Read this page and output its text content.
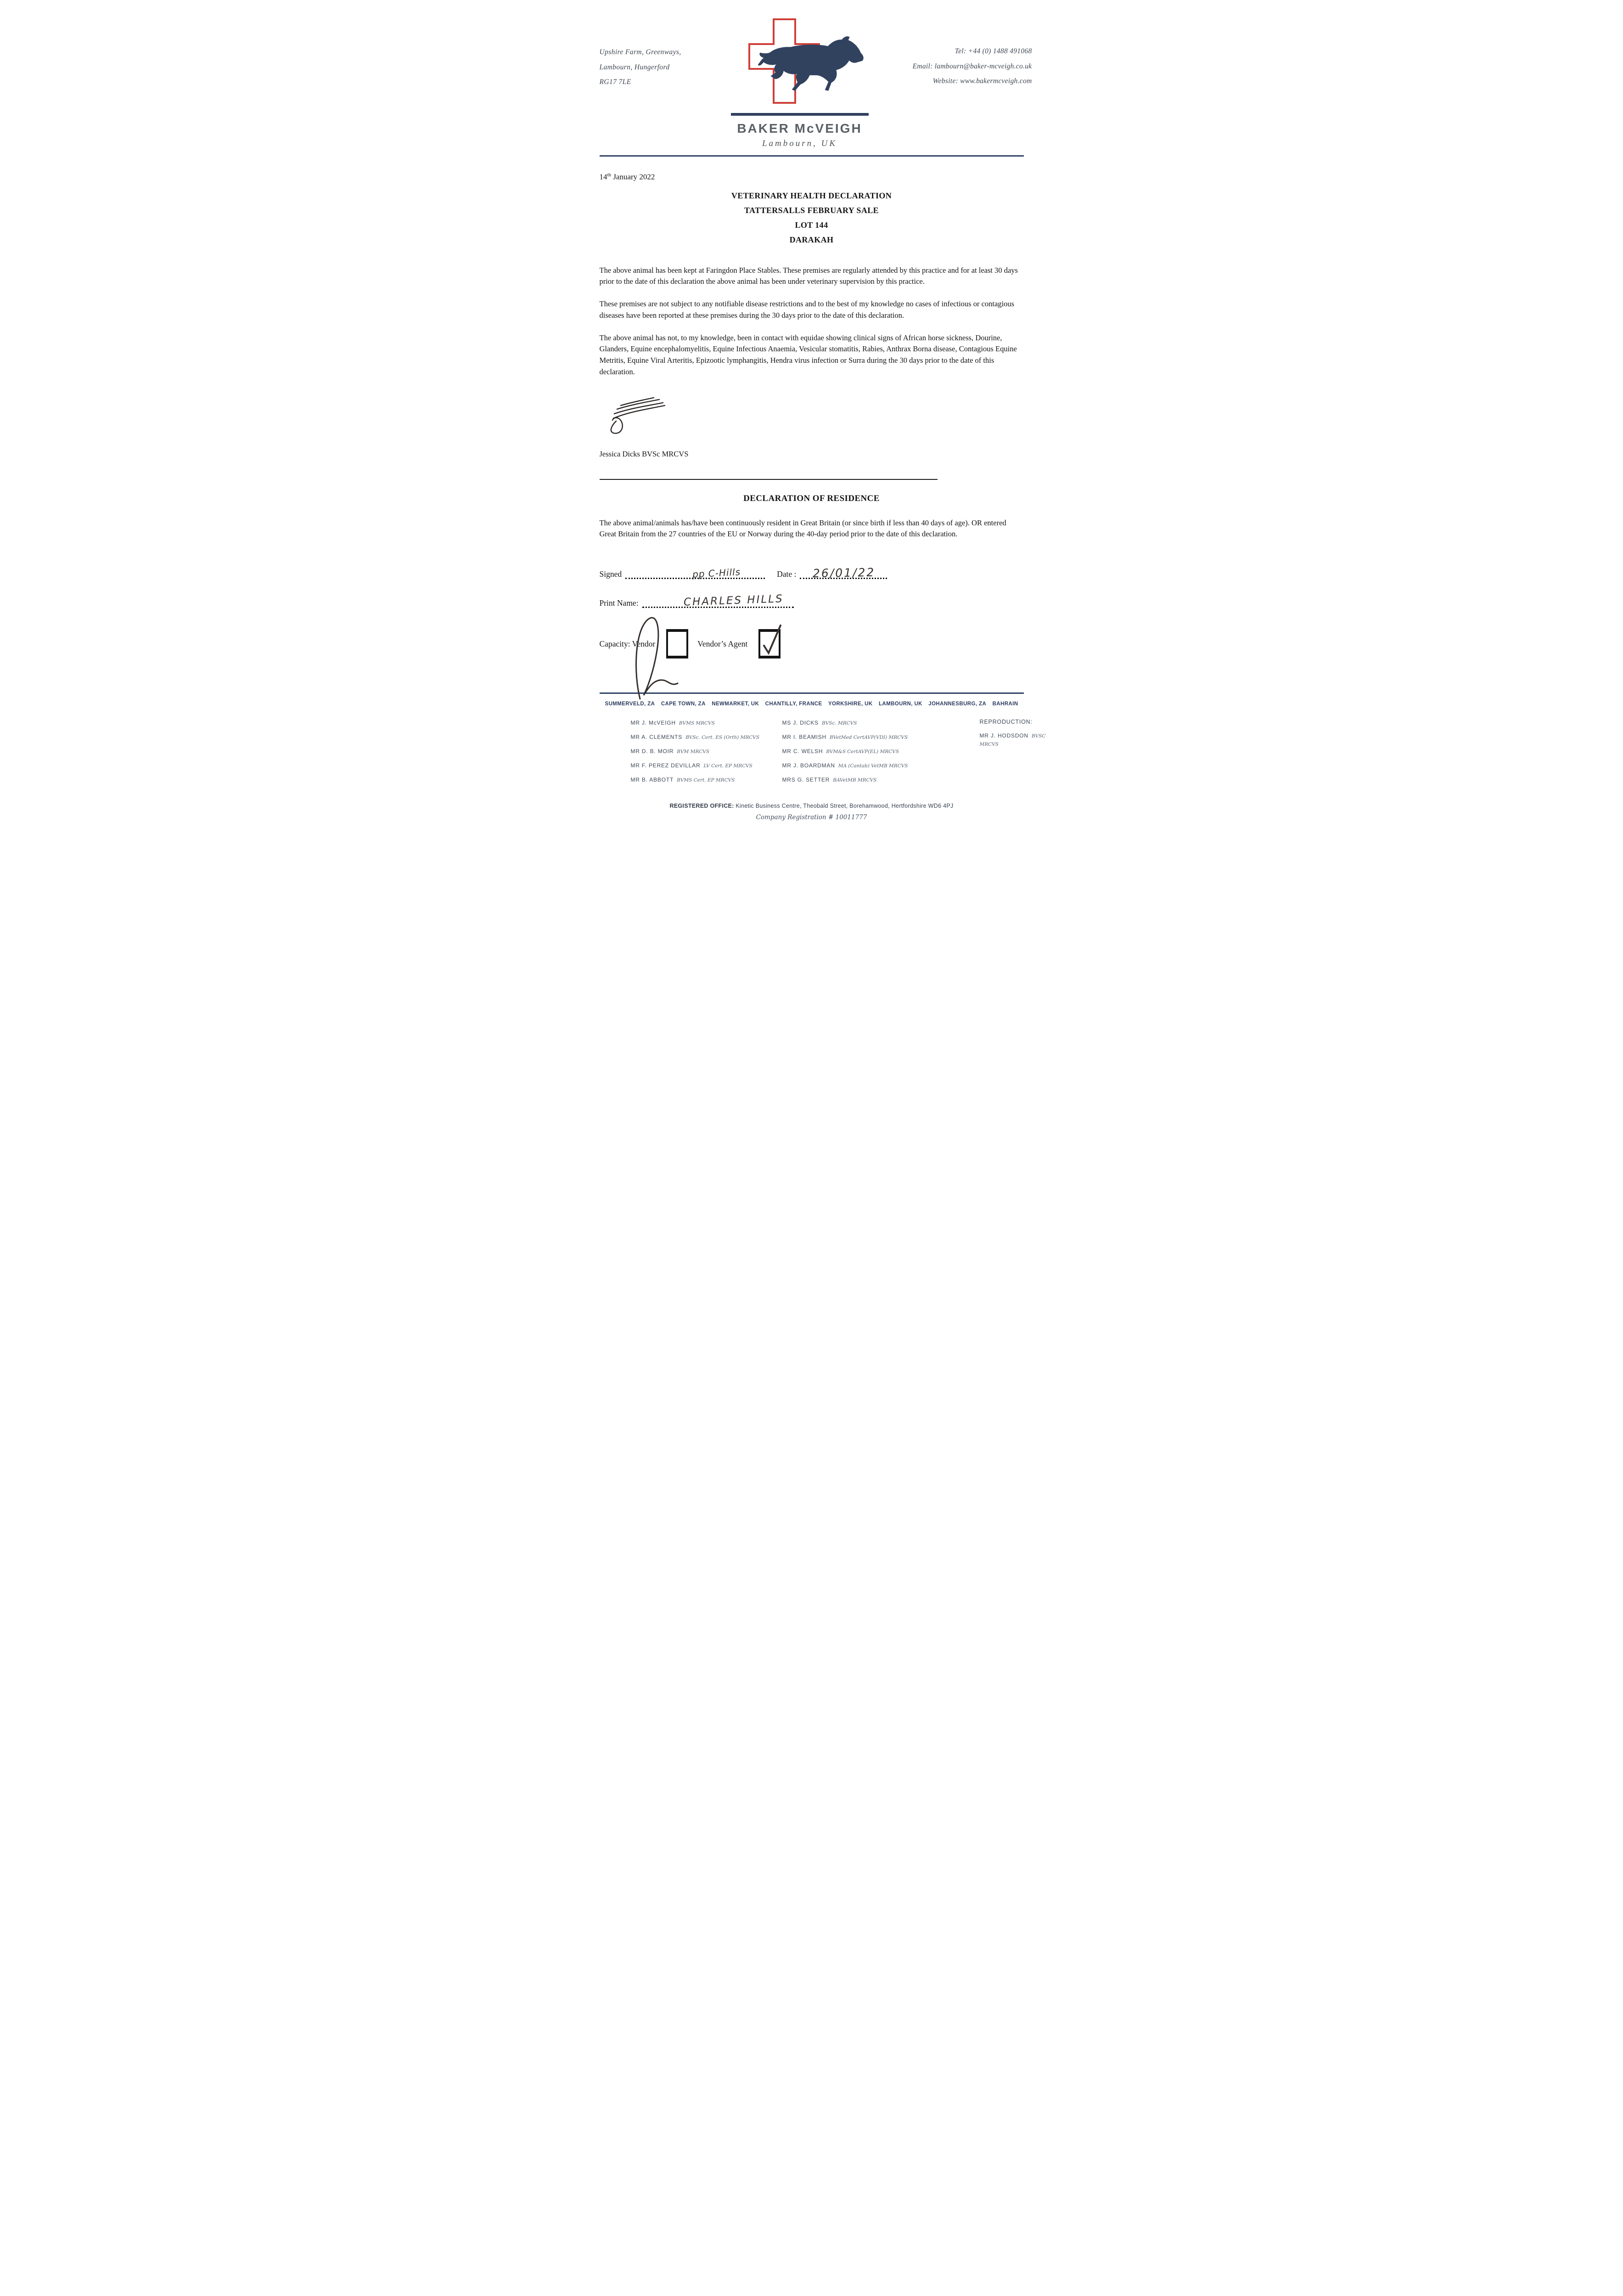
Upshire Farm, Greenways,
Lambourn, Hungerford
RG17 7LE
BAKER McVEIGH
Lambourn, UK
Tel: +44 (0) 1488 491068
Email: lambourn@baker-mcveigh.co.uk
Website: www.bakermcveigh.com
14th January 2022
VETERINARY HEALTH DECLARATION
TATTERSALLS FEBRUARY SALE
LOT 144
DARAKAH

The above animal has been kept at Faringdon Place Stables. These premises are regularly attended by this practice and for at least 30 days prior to the date of this declaration the above animal has been under veterinary supervision by this practice.

These premises are not subject to any notifiable disease restrictions and to the best of my knowledge no cases of infectious or contagious diseases have been reported at these premises during the 30 days prior to the date of this declaration.

The above animal has not, to my knowledge, been in contact with equidae showing clinical signs of African horse sickness, Dourine, Glanders, Equine encephalomyelitis, Equine Infectious Anaemia, Vesicular stomatitis, Rabies, Anthrax Borna disease, Contagious Equine Metritis, Equine Viral Arteritis, Epizootic lymphangitis, Hendra virus infection or Surra during the 30 days prior to the date of this declaration.

Jessica Dicks BVSc MRCVS
DECLARATION OF RESIDENCE

The above animal/animals has/have been continuously resident in Great Britain (or since birth if less than 40 days of age). OR entered Great Britain from the 27 countries of the EU or Norway during the 40-day period prior to the date of this declaration.

Signed	pp C-Hills	Date :	26/01/22
Print Name:	CHARLES HILLS
Capacity: Vendor	Vendor’s Agent
SUMMERVELD, ZA CAPE TOWN, ZA NEWMARKET, UK CHANTILLY, FRANCE YORKSHIRE, UK LAMBOURN, UK JOHANNESBURG, ZA BAHRAIN
MR J. McVEIGH BVMS MRCVS
MR A. CLEMENTS BVSc. Cert. ES (Orth) MRCVS
MR D. B. MOIR BVM MRCVS
MR F. PEREZ DEVILLAR LV Cert. EP MRCVS
MR B. ABBOTT BVMS Cert. EP MRCVS
MS J. DICKS BVSc. MRCVS
MR I. BEAMISH BVetMed CertAVP(VDI) MRCVS
MR C. WELSH BVM&S CertAVP(EL) MRCVS
MR J. BOARDMAN MA (Cantab) VetMB MRCVS
MRS G. SETTER BAVetMB MRCVS
REPRODUCTION:
MR J. HODSDON BVSC MRCVS
REGISTERED OFFICE: Kinetic Business Centre, Theobald Street, Borehamwood, Hertfordshire WD6 4PJ
Company Registration # 10011777
